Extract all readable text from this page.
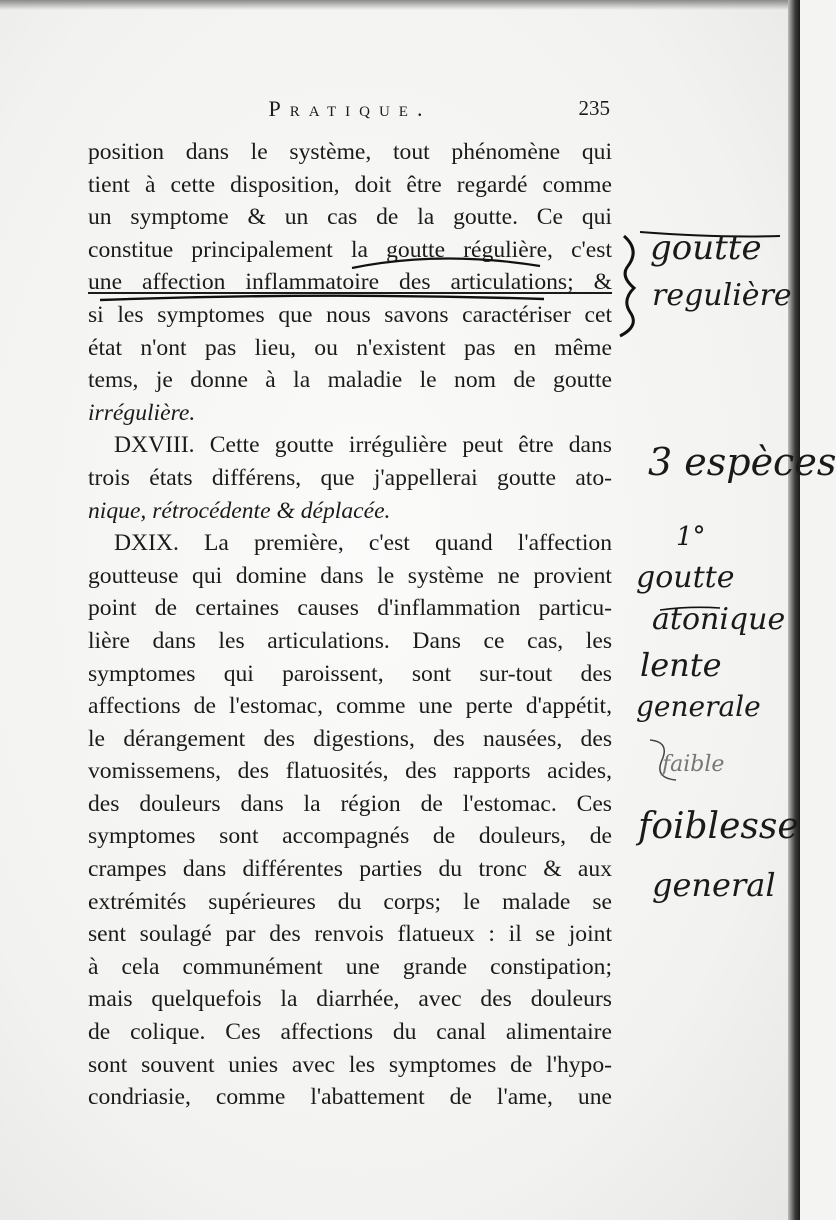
Pratique.	235
position dans le système, tout phénomène qui
tient à cette disposition, doit être regardé comme
un symptome & un cas de la goutte. Ce qui
constitue principalement la goutte régulière, c'est
une affection inflammatoire des articulations; &
si les symptomes que nous savons caractériser cet
état n'ont pas lieu, ou n'existent pas en même
tems, je donne à la maladie le nom de goutte
irrégulière.
DXVIII. Cette goutte irrégulière peut être dans
trois états différens, que j'appellerai goutte ato-
nique, rétrocédente & déplacée.
DXIX. La première, c'est quand l'affection
goutteuse qui domine dans le système ne provient
point de certaines causes d'inflammation particu-
lière dans les articulations. Dans ce cas, les
symptomes qui paroissent, sont sur-tout des
affections de l'estomac, comme une perte d'appétit,
le dérangement des digestions, des nausées, des
vomissemens, des flatuosités, des rapports acides,
des douleurs dans la région de l'estomac. Ces
symptomes sont accompagnés de douleurs, de
crampes dans différentes parties du tronc & aux
extrémités supérieures du corps; le malade se
sent soulagé par des renvois flatueux : il se joint
à cela communément une grande constipation;
mais quelquefois la diarrhée, avec des douleurs
de colique. Ces affections du canal alimentaire
sont souvent unies avec les symptomes de l'hypo-
condriasie, comme l'abattement de l'ame, une
goutte
regulière
3 espèces
1°
goutte
atonique
lente
generale
faible
foiblesse
general
